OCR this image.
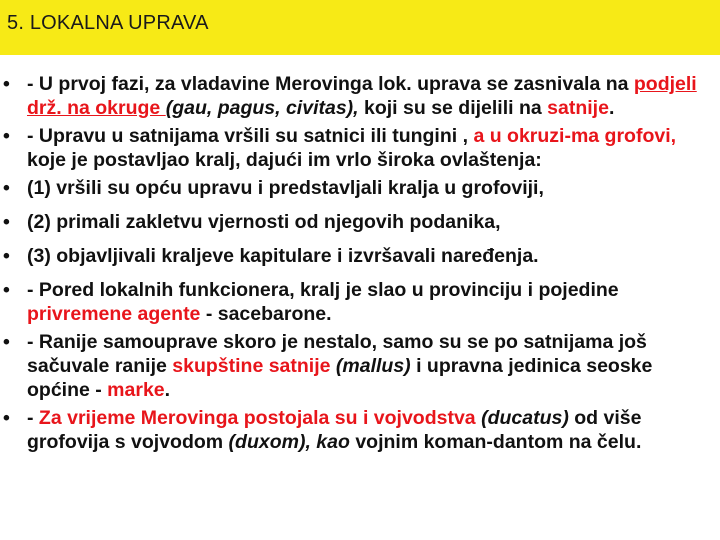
5. LOKALNA UPRAVA
• - U prvoj fazi, za vladavine Merovinga lok. uprava se zasnivala na podjeli drž. na okruge (gau, pagus, civitas), koji su se dijelili na satnije.
• - Upravu u satnijama vršili su satnici ili tungini , a u okruzi-ma grofovi, koje je postavljao kralj, dajući im vrlo široka ovlaštenja:
• (1) vršili su opću upravu i predstavljali kralja u grofoviji,
• (2) primali zakletvu vjernosti od njegovih podanika,
• (3) objavljivali kraljeve kapitulare i izvršavali naređenja.
• - Pored lokalnih funkcionera, kralj je slao u provinciju i pojedine privremene agente - sacebarone.
• - Ranije samouprave skoro je nestalo, samo su se po satnijama još sačuvale ranije skupštine satnije (mallus) i upravna jedinica seoske općine - marke.
• - Za vrijeme Merovinga postojala su i vojvodstva (ducatus) od više grofovija s vojvodom (duxom), kao vojnim koman-dantom na čelu.
